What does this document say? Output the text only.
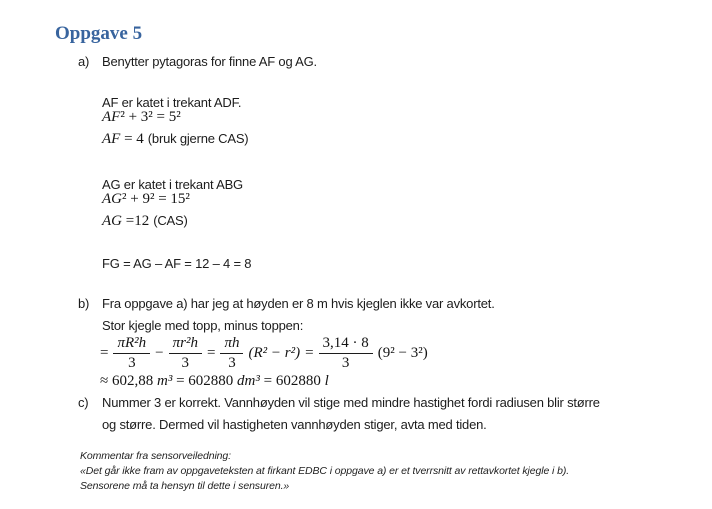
Oppgave 5
a) Benytter pytagoras for finne AF og AG.
AF er katet i trekant ADF.
AF² + 3² = 5²
AF = 4 (bruk gjerne CAS)
AG er katet i trekant ABG
AG² + 9² = 15²
AG =12 (CAS)
FG = AG – AF = 12 – 4 = 8
b) Fra oppgave a) har jeg at høyden er 8 m hvis kjeglen ikke var avkortet.
Stor kjegle med topp, minus toppen:
= $\frac{\text{πR²h}}{3} - \frac{\text{πr²h}}{3} = \frac{\pi h}{3} (R^2 - r^2) = \frac{3,14 \cdot 8}{3} (9^2 - 3^2)$
≈ 602,88 m³ = 602880 dm³ = 602880 l
c) Nummer 3 er korrekt. Vannhøyden vil stige med mindre hastighet fordi radiusen blir større
og større. Dermed vil hastigheten vannhøyden stiger, avta med tiden.
Kommentar fra sensorveiledning:
«Det går ikke fram av oppgaveteksten at firkant EDBC i oppgave a) er et tverrsnitt av rettavkortet kjegle i b).
Sensorene må ta hensyn til dette i sensuren.»
